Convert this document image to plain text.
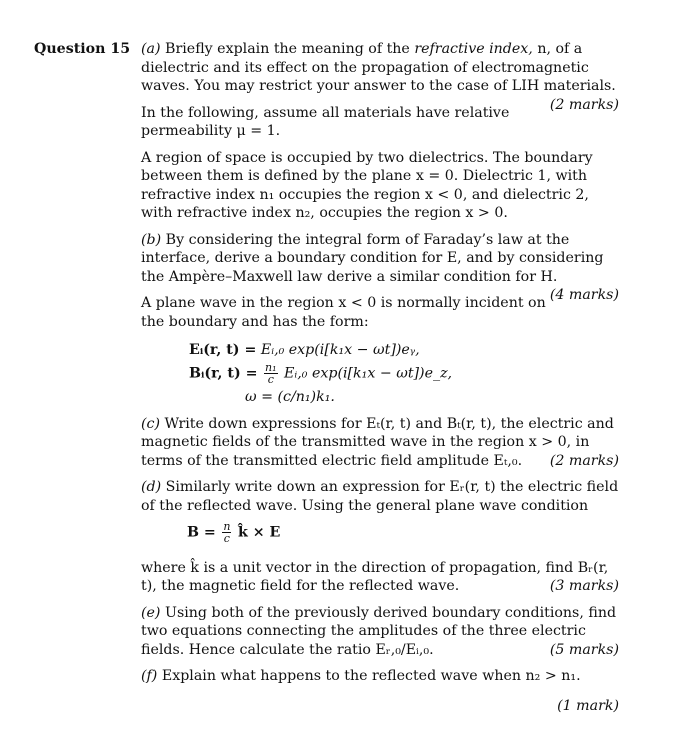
Question 15 (a) Briefly explain the meaning of the refractive index, n, of a dielectric and its effect on the propagation of electromagnetic waves. You may restrict your answer to the case of LIH materials.
(2 marks)

In the following, assume all materials have relative permeability μ = 1.

A region of space is occupied by two dielectrics. The boundary between them is defined by the plane x = 0. Dielectric 1, with refractive index n₁ occupies the region x < 0, and dielectric 2, with refractive index n₂, occupies the region x > 0.

(b) By considering the integral form of Faraday’s law at the interface, derive a boundary condition for E, and by considering the Ampère–Maxwell law derive a similar condition for H.
(4 marks)

A plane wave in the region x < 0 is normally incident on the boundary and has the form:

Eᵢ(r, t) = Eᵢ,₀ exp(i[k₁x − ωt])eᵧ,
Bᵢ(r, $t) = \frac{\text{n₁}}{c}$ Eᵢ,₀ exp(i[k₁x − ωt])e_z,
ω = (c/n₁)k₁.

(c) Write down expressions for Eₜ(r, t) and Bₜ(r, t), the electric and magnetic fields of the transmitted wave in the region x > 0, in terms of the transmitted electric field amplitude Eₜ,₀. (2 marks)

(d) Similarly write down an expression for Eᵣ(r, t) the electric field of the reflected wave. Using the general plane wave condition

$B = \frac{n}{c}$ k̂ × E

where k̂ is a unit vector in the direction of propagation, find Bᵣ(r, t), the magnetic field for the reflected wave.	(3 marks)

(e) Using both of the previously derived boundary conditions, find two equations connecting the amplitudes of the three electric fields. Hence calculate the ratio Eᵣ,₀/Eᵢ,₀.	(5 marks)

(f) Explain what happens to the reflected wave when n₂ > n₁.

(1 mark)
